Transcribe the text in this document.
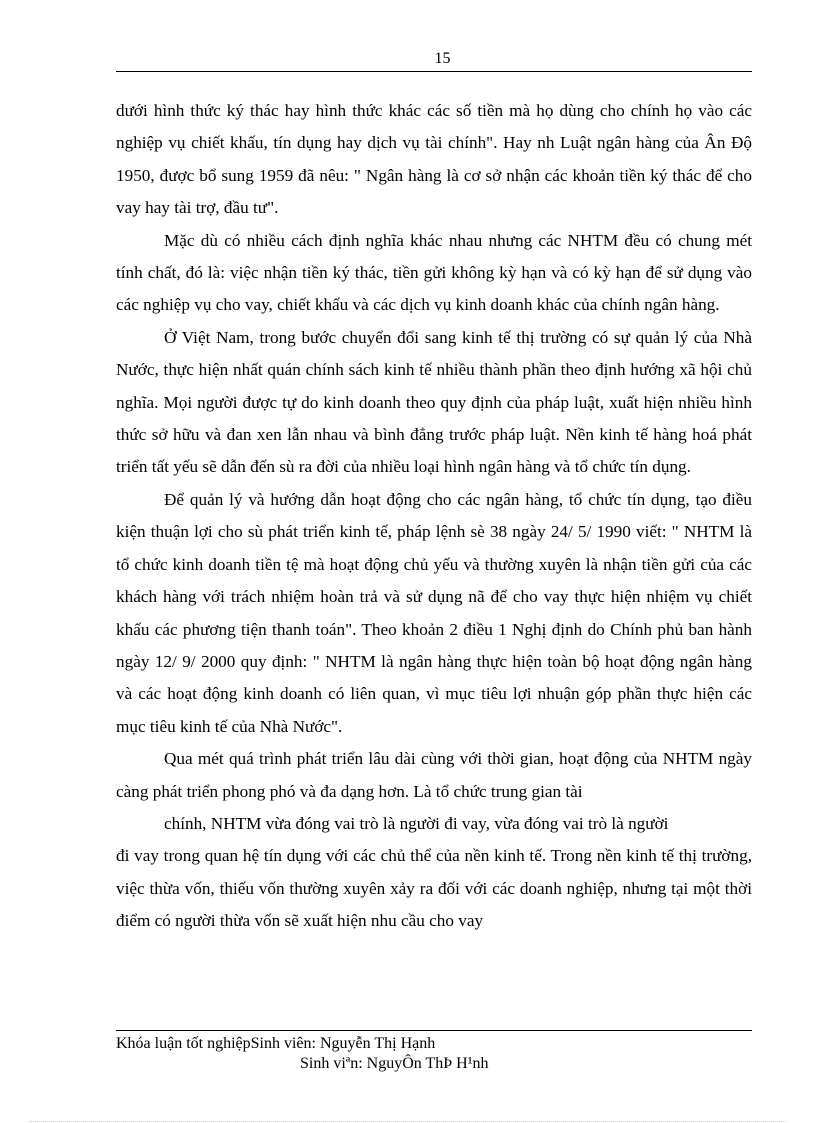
15

dưới hình thức ký thác hay hình thức khác các số tiền mà họ dùng cho chính họ vào các nghiệp vụ chiết khấu, tín dụng hay dịch vụ tài chính". Hay nh Luật ngân hàng của Ân Độ 1950, được bổ sung 1959 đã nêu: " Ngân hàng là cơ sở nhận các khoản tiền ký thác để cho vay hay tài trợ, đầu tư".

Mặc dù có nhiều cách định nghĩa khác nhau nhưng các NHTM đều có chung mét tính chất, đó là: việc nhận tiền ký thác, tiền gửi không kỳ hạn và có kỳ hạn để sử dụng vào các nghiệp vụ cho vay, chiết khấu và các dịch vụ kinh doanh khác của chính ngân hàng.

Ở Việt Nam, trong bước chuyển đổi sang kinh tế thị trường có sự quản lý của Nhà Nước, thực hiện nhất quán chính sách kinh tế nhiều thành phần theo định hướng xã hội chủ nghĩa. Mọi người được tự do kinh doanh theo quy định của pháp luật, xuất hiện nhiều hình thức sở hữu và đan xen lẫn nhau và bình đẳng trước pháp luật. Nền kinh tế hàng hoá phát triển tất yếu sẽ dẫn đến sù ra đời của nhiều loại hình ngân hàng và tổ chức tín dụng.

Để quản lý và hướng dẫn hoạt động cho các ngân hàng, tổ chức tín dụng, tạo điều kiện thuận lợi cho sù phát triển kinh tế, pháp lệnh sè 38 ngày 24/ 5/ 1990 viết: " NHTM là tổ chức kinh doanh tiền tệ mà hoạt động chủ yếu và thường xuyên là nhận tiền gửi của các khách hàng với trách nhiệm hoàn trả và sử dụng nã để cho vay thực hiện nhiệm vụ chiết khấu các phương tiện thanh toán". Theo khoản 2 điều 1 Nghị định do Chính phủ ban hành ngày 12/ 9/ 2000 quy định: " NHTM là ngân hàng thực hiện toàn bộ hoạt động ngân hàng và các hoạt động kinh doanh có liên quan, vì mục tiêu lợi nhuận góp phần thực hiện các mục tiêu kinh tế của Nhà Nước".

Qua mét quá trình phát triển lâu dài cùng với thời gian, hoạt động của NHTM ngày càng phát triển phong phó và đa dạng hơn. Là tổ chức trung gian tài

chính, NHTM vừa đóng vai trò là người đi vay, vừa đóng vai trò là người

đi vay trong quan hệ tín dụng với các chủ thể của nền kinh tế. Trong nền kinh tế thị trường, việc thừa vốn, thiếu vốn thường xuyên xảy ra đối với các doanh nghiệp, nhưng tại một thời điểm có người thừa vốn sẽ xuất hiện nhu cầu cho vay

Khóa luận tốt nghiệpSinh viên: Nguyễn Thị Hạnh
Sinh viªn: NguyÔn ThÞ H¹nh
